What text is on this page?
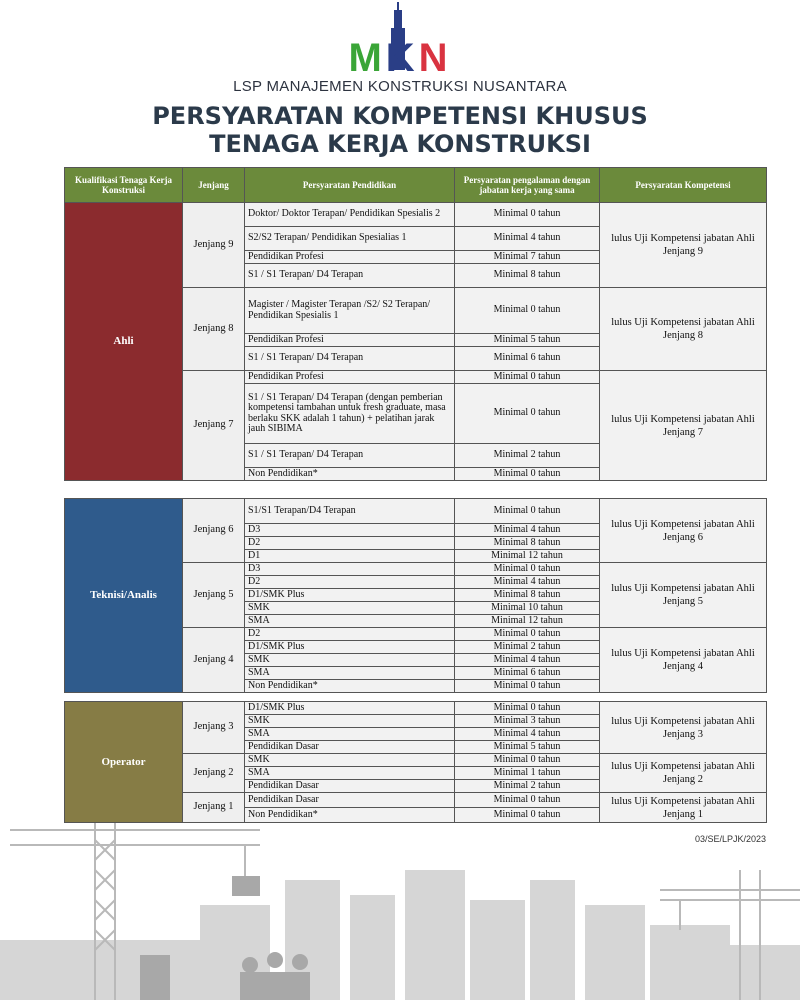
MKN
LSP MANAJEMEN KONSTRUKSI NUSANTARA
PERSYARATAN KOMPETENSI KHUSUS
TENAGA KERJA KONSTRUKSI
Kualifikasi Tenaga Kerja Konstruksi	Jenjang	Persyaratan Pendidikan	Persyaratan pengalaman dengan jabatan kerja yang sama	Persyaratan Kompetensi
Ahli	Jenjang 9	Doktor/ Doktor Terapan/ Pendidikan Spesialis 2	Minimal 0 tahun	lulus Uji Kompetensi jabatan Ahli Jenjang 9
		S2/S2 Terapan/ Pendidikan Spesialias 1	Minimal 4 tahun	
		Pendidikan Profesi	Minimal 7 tahun	
		S1 / S1 Terapan/ D4 Terapan	Minimal 8 tahun	
	Jenjang 8	Magister / Magister Terapan /S2/ S2 Terapan/ Pendidikan Spesialis 1	Minimal 0 tahun	lulus Uji Kompetensi jabatan Ahli Jenjang 8
		Pendidikan Profesi	Minimal 5 tahun	
		S1 / S1 Terapan/ D4 Terapan	Minimal 6 tahun	
	Jenjang 7	Pendidikan Profesi	Minimal 0 tahun	lulus Uji Kompetensi jabatan Ahli Jenjang 7
		S1 / S1 Terapan/ D4 Terapan (dengan pemberian kompetensi tambahan untuk fresh graduate, masa berlaku SKK adalah 1 tahun) + pelatihan jarak jauh SIBIMA	Minimal 0 tahun	
		S1 / S1 Terapan/ D4 Terapan	Minimal 2 tahun	
		Non Pendidikan*	Minimal 0 tahun	
Teknisi/Analis	Jenjang 6	S1/S1 Terapan/D4 Terapan	Minimal 0 tahun	lulus Uji Kompetensi jabatan Ahli Jenjang 6
		D3	Minimal 4 tahun	
		D2	Minimal 8 tahun	
		D1	Minimal 12 tahun	
	Jenjang 5	D3	Minimal 0 tahun	lulus Uji Kompetensi jabatan Ahli Jenjang 5
		D2	Minimal 4 tahun	
		D1/SMK Plus	Minimal 8 tahun	
		SMK	Minimal 10 tahun	
		SMA	Minimal 12 tahun	
	Jenjang 4	D2	Minimal 0 tahun	lulus Uji Kompetensi jabatan Ahli Jenjang 4
		D1/SMK Plus	Minimal 2 tahun	
		SMK	Minimal 4 tahun	
		SMA	Minimal 6 tahun	
		Non Pendidikan*	Minimal 0 tahun	
Operator	Jenjang 3	D1/SMK Plus	Minimal 0 tahun	lulus Uji Kompetensi jabatan Ahli Jenjang 3
		SMK	Minimal 3 tahun	
		SMA	Minimal 4 tahun	
		Pendidikan Dasar	Minimal 5 tahun	
	Jenjang 2	SMK	Minimal 0 tahun	lulus Uji Kompetensi jabatan Ahli Jenjang 2
		SMA	Minimal 1 tahun	
		Pendidikan Dasar	Minimal 2 tahun	
	Jenjang 1	Pendidikan Dasar	Minimal 0 tahun	lulus Uji Kompetensi jabatan Ahli Jenjang 1
		Non Pendidikan*	Minimal 0 tahun	
03/SE/LPJK/2023
